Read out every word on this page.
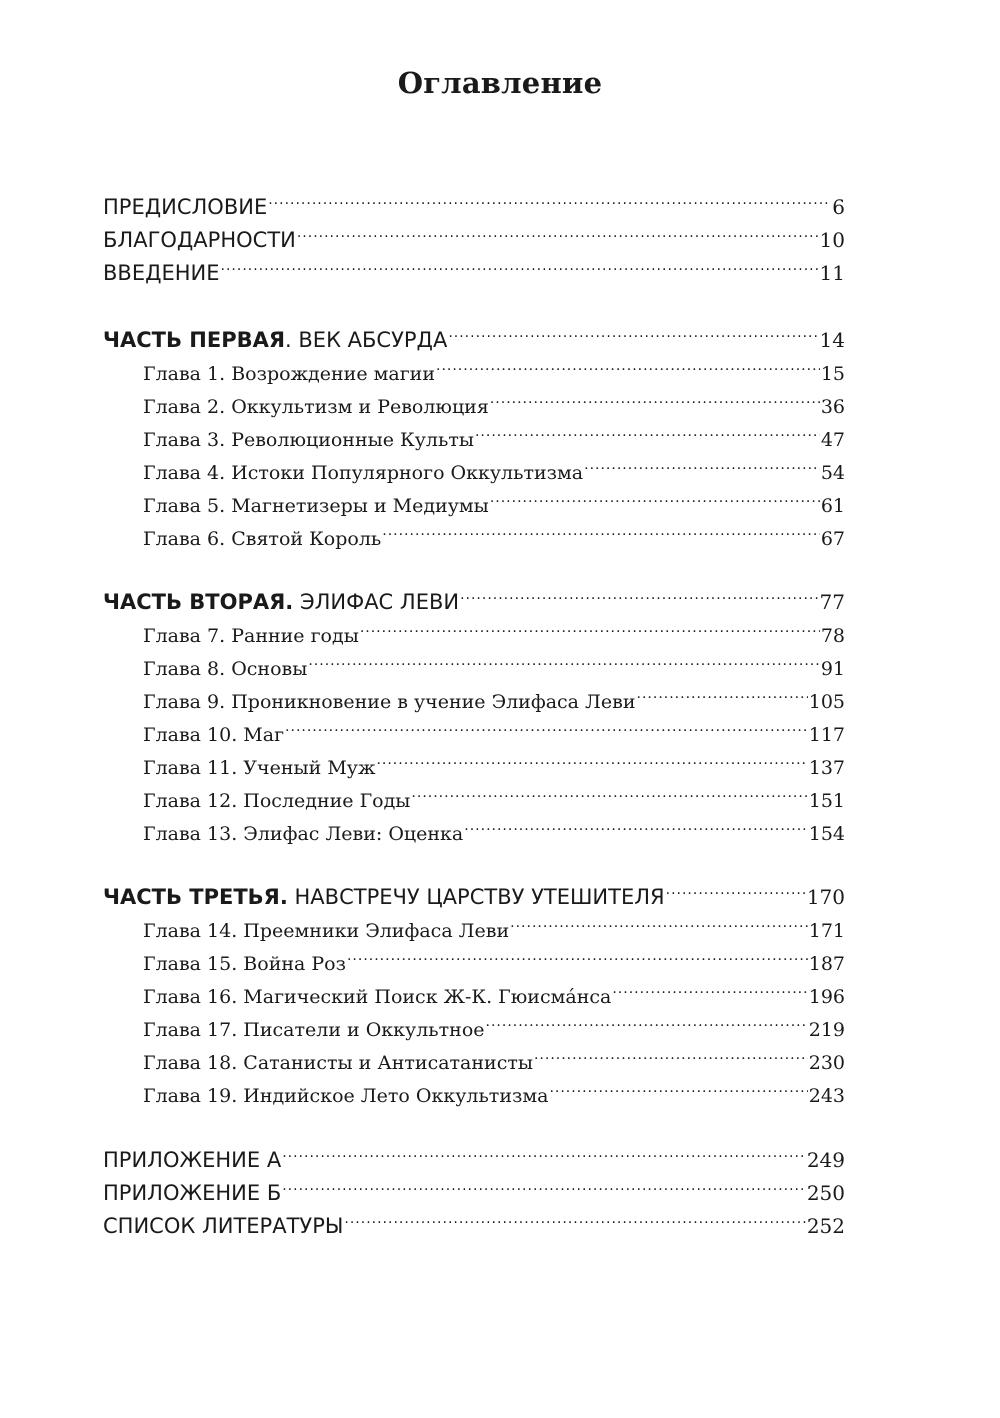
Оглавление
ПРЕДИСЛОВИЕ .....	6
БЛАГОДАРНОСТИ .....	10
ВВЕДЕНИЕ .....	11
ЧАСТЬ ПЕРВАЯ. ВЕК АБСУРДА .....	14
Глава 1. Возрождение магии .....	15
Глава 2. Оккультизм и Революция .....	36
Глава 3. Революционные Культы .....	47
Глава 4. Истоки Популярного Оккультизма .....	54
Глава 5. Магнетизеры и Медиумы .....	61
Глава 6. Святой Король .....	67
ЧАСТЬ ВТОРАЯ. ЭЛИФАС ЛЕВИ .....	77
Глава 7. Ранние годы .....	78
Глава 8. Основы .....	91
Глава 9. Проникновение в учение Элифаса Леви .....	105
Глава 10. Маг .....	117
Глава 11. Ученый Муж .....	137
Глава 12. Последние Годы .....	151
Глава 13. Элифас Леви: Оценка .....	154
ЧАСТЬ ТРЕТЬЯ. НАВСТРЕЧУ ЦАРСТВУ УТЕШИТЕЛЯ .....	170
Глава 14. Преемники Элифаса Леви .....	171
Глава 15. Война Роз .....	187
Глава 16. Магический Поиск Ж-К. Гюисмáнса .....	196
Глава 17. Писатели и Оккультное .....	219
Глава 18. Сатанисты и Антисатанисты .....	230
Глава 19. Индийское Лето Оккультизма .....	243
ПРИЛОЖЕНИЕ А .....	249
ПРИЛОЖЕНИЕ Б .....	250
СПИСОК ЛИТЕРАТУРЫ .....	252
